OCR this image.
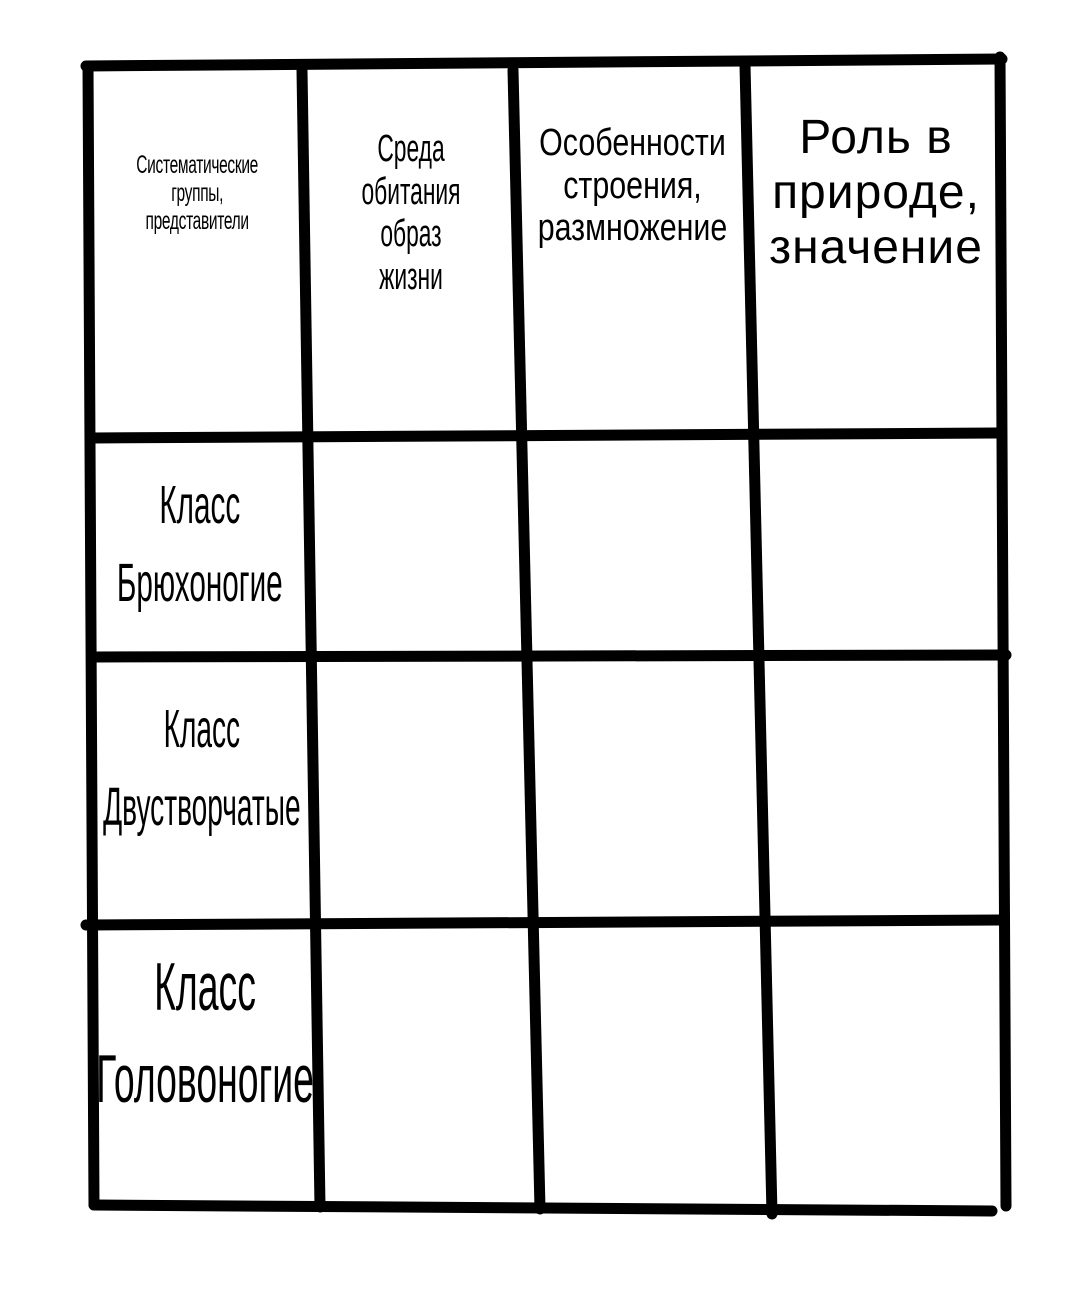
Систематические
группы,
представители
Среда обитания
образ жизни
Особенности
строения,
размножение
Роль в
природе,
значение
Класс
Брюхоногие
Класс
Двустворчатые
Класс
Головоногие
